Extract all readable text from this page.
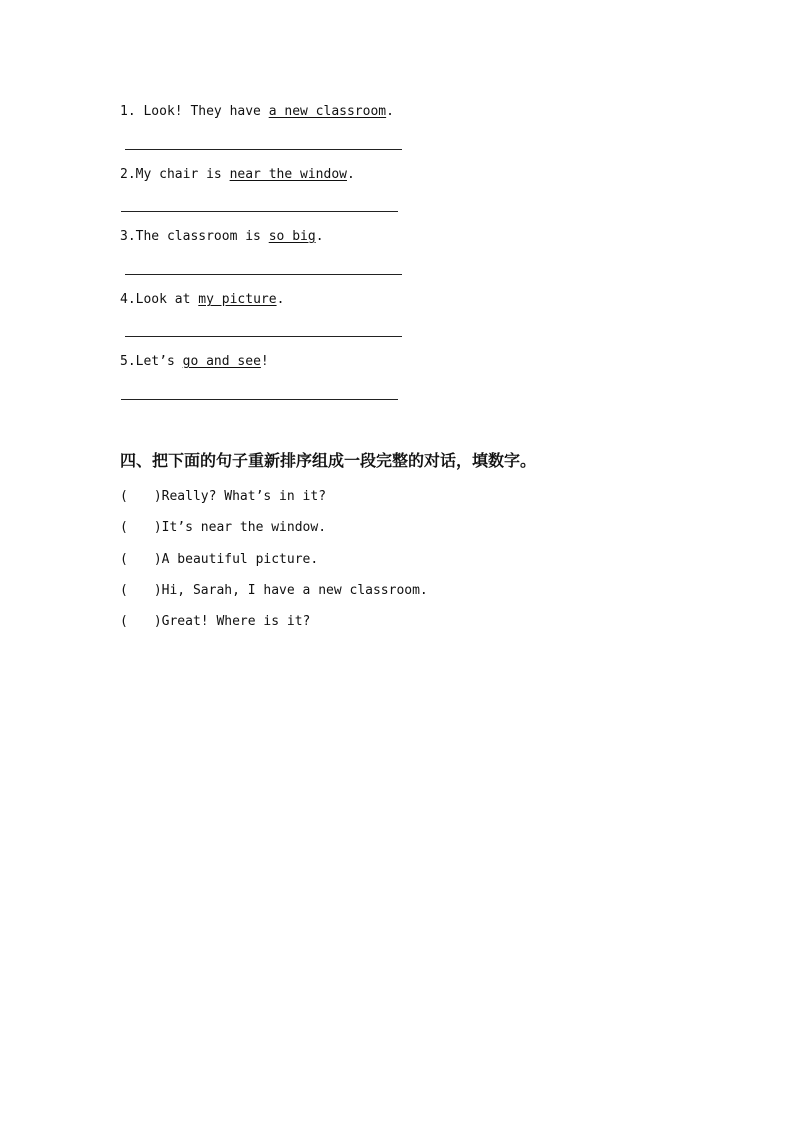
1. Look! They have a new classroom.
2.My chair is near the window.
3.The classroom is so big.
4.Look at my picture.
5.Let’s go and see!
四、把下面的句子重新排序组成一段完整的对话，填数字。
( )Really? What’s in it?
( )It’s near the window.
( )A beautiful picture.
( )Hi, Sarah, I have a new classroom.
( )Great! Where is it?
